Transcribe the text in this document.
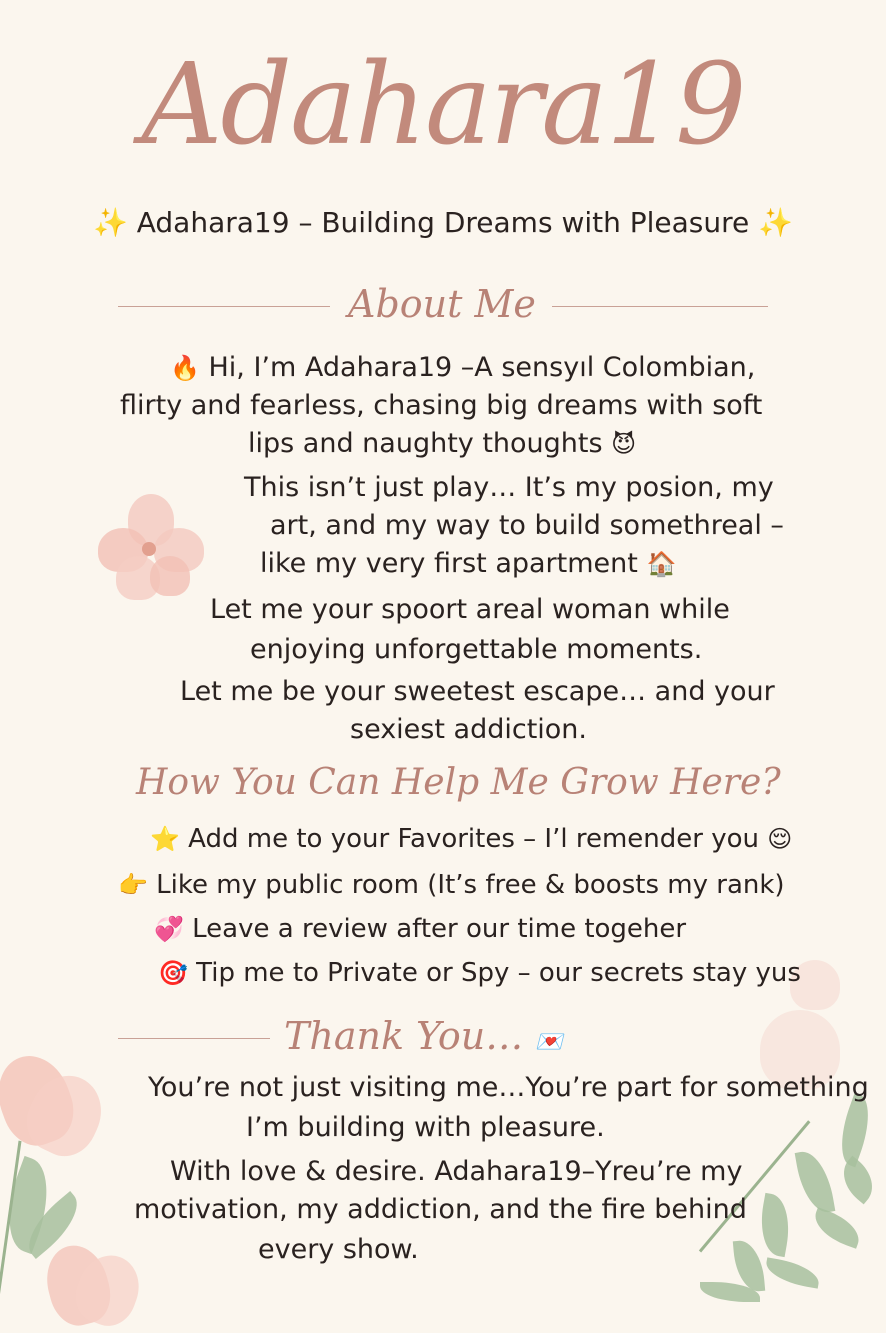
Adahara19
✨ Adahara19 – Building Dreams with Pleasure ✨
About Me
🔥 Hi, I’m Adahara19 –A sensyıl Colombian,
flirty and fearless, chasing big dreams with soft
lips and naughty thoughts 😈
This isn’t just play… It’s my posion, my
art, and my way to build somethreal –
like my very first apartment 🏠
Let me your spoort areal woman while
enjoying unforgettable moments.
Let me be your sweetest escape… and your
sexiest addiction.
How You Can Help Me Grow Here?
⭐ Add me to your Favorites – I’l remender you 😌
👉 Like my public room (It’s free & boosts my rank)
💞 Leave a review after our time togeher
🎯 Tip me to Private or Spy – our secrets stay yus
Thank You… 💌
You’re not just visiting me…You’re part for something
I’m building with pleasure.
With love & desire. Adahara19–Yreu’re my
motivation, my addiction, and the fire behind
every show.
